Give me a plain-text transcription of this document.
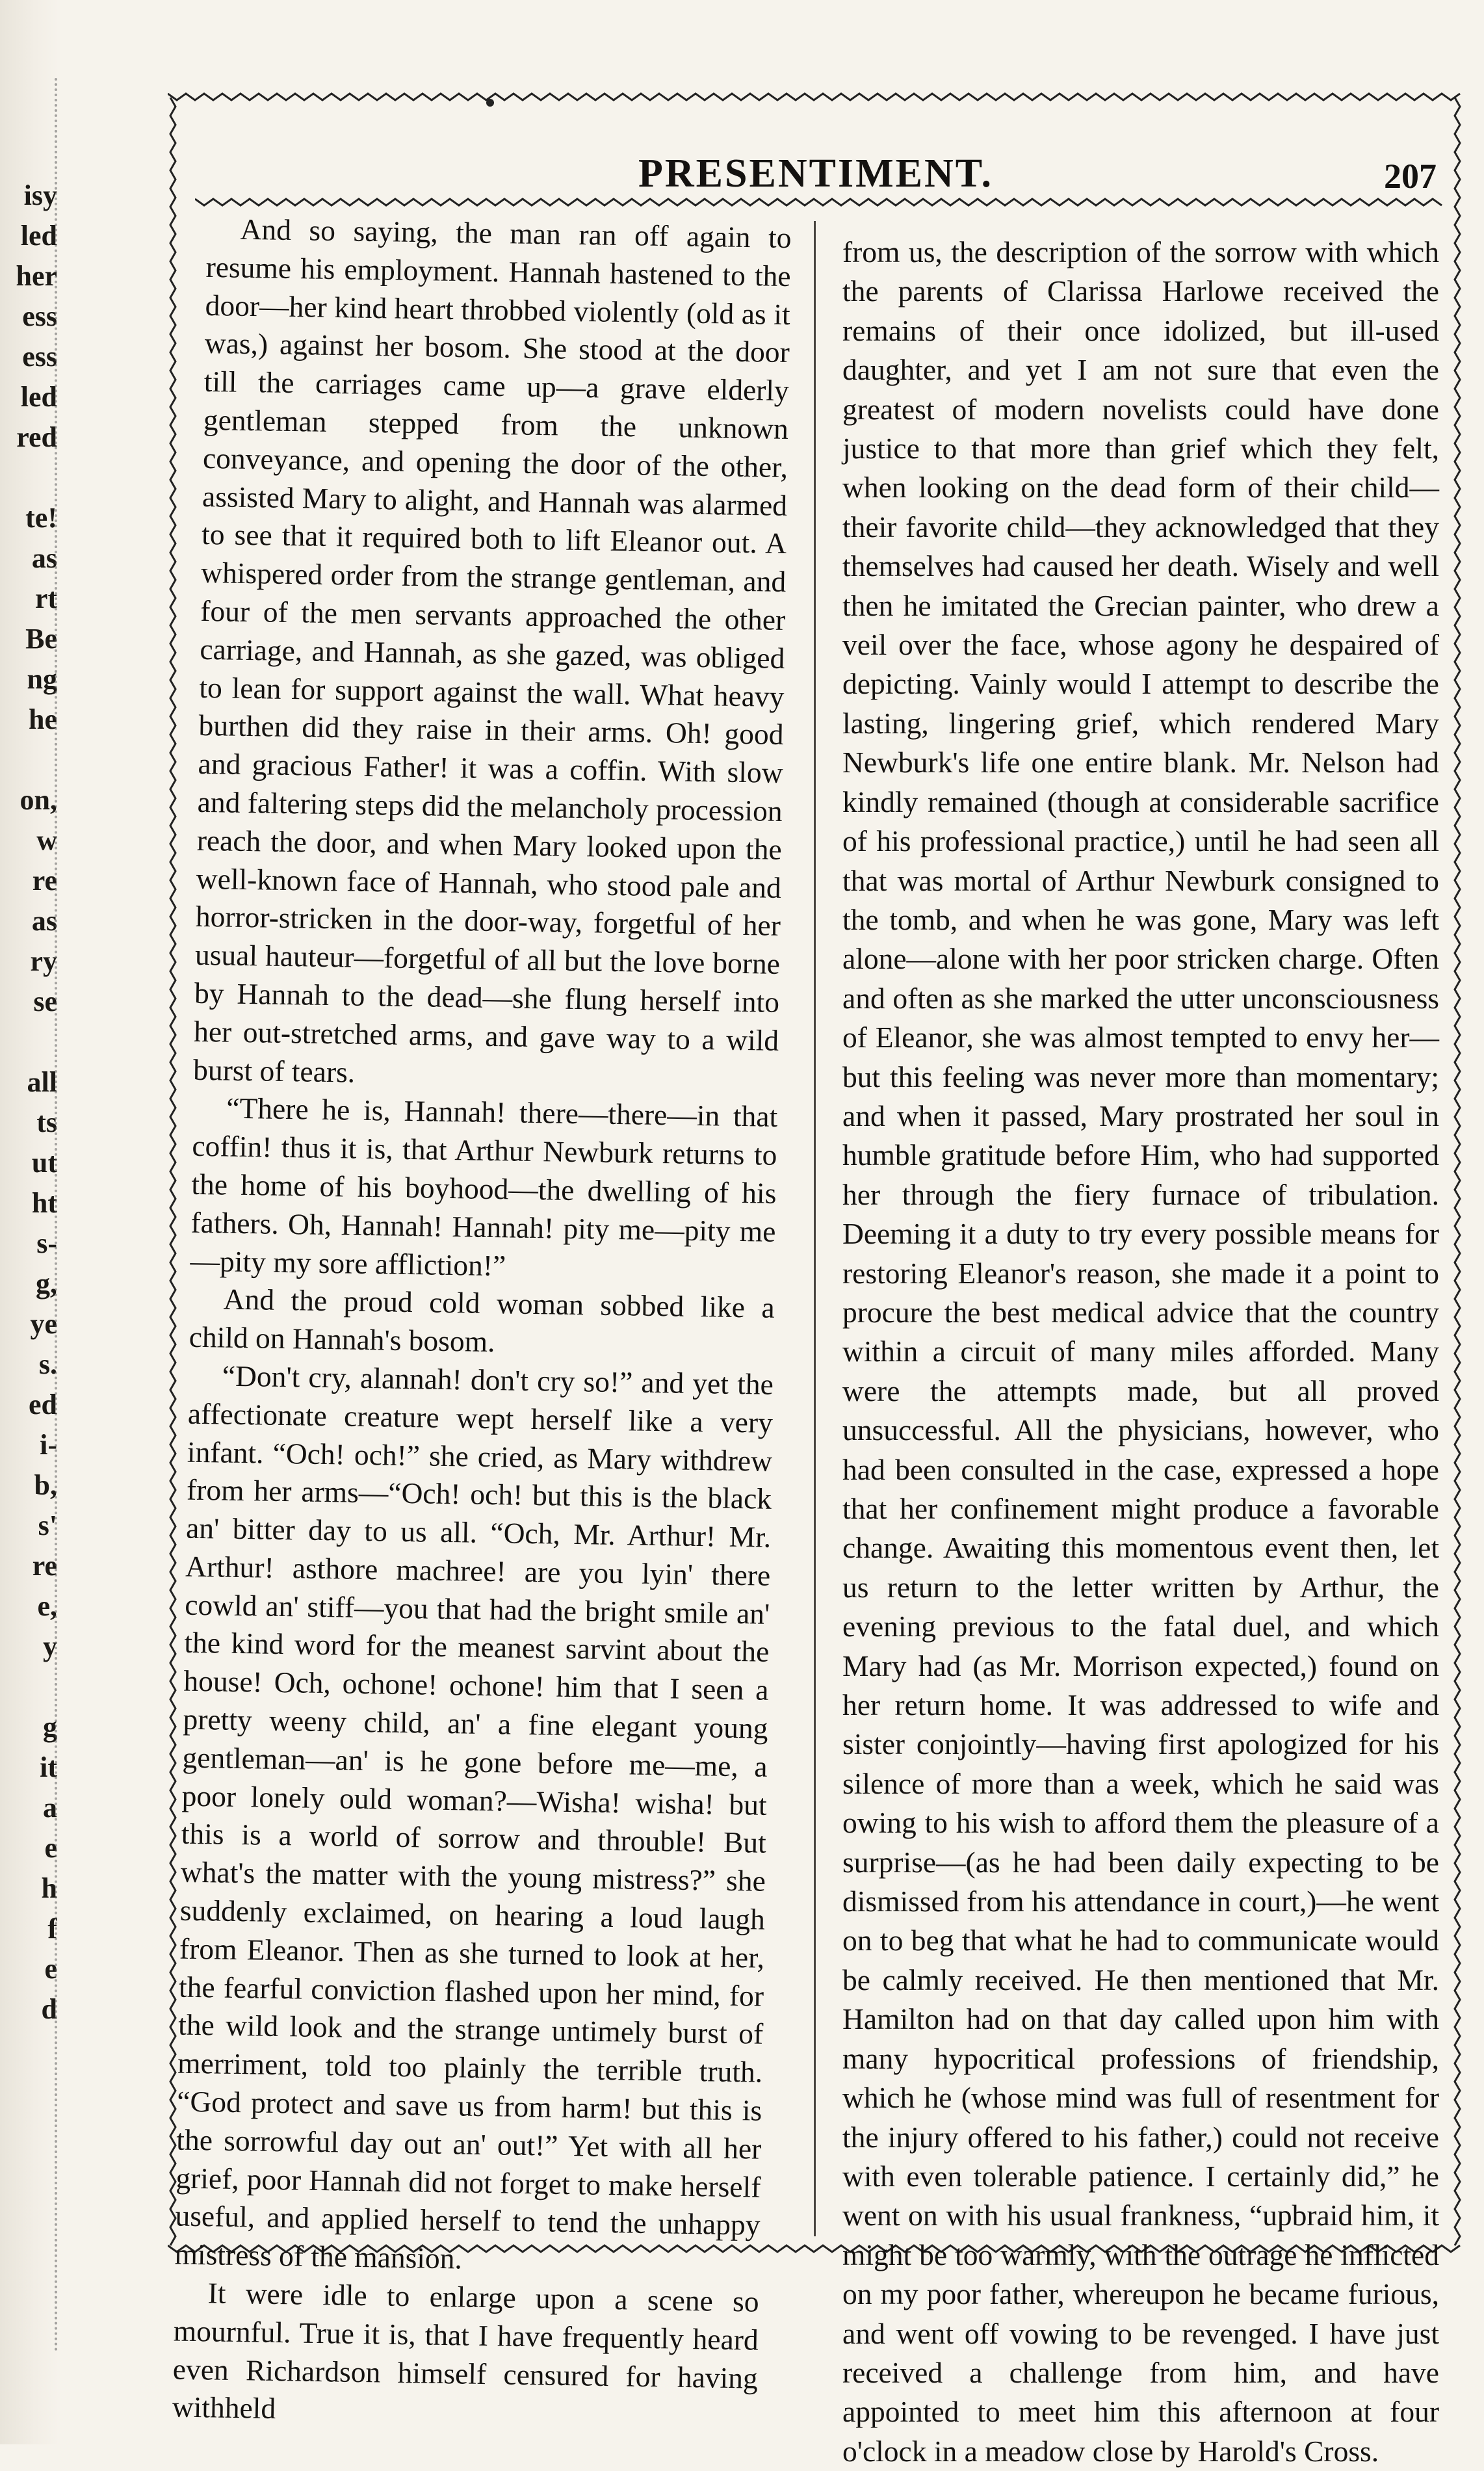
isy
led
her
ess
ess
led
red

te!
as
rt
Be
ng
he

on,
w
re
as
ry
se

all
ts
ut
ht
s-
g,
ye
s.
ed
i-
b,
s'
re
e,
y

g
it
a
e
h
f
e
d
PRESENTIMENT.	207

And so saying, the man ran off again to resume his employment. Hannah hastened to the door—her kind heart throbbed violently (old as it was,) against her bosom. She stood at the door till the carriages came up—a grave elderly gentleman stepped from the unknown conveyance, and opening the door of the other, assisted Mary to alight, and Hannah was alarmed to see that it required both to lift Eleanor out. A whispered order from the strange gentleman, and four of the men servants approached the other carriage, and Hannah, as she gazed, was obliged to lean for support against the wall. What heavy burthen did they raise in their arms. Oh! good and gracious Father! it was a coffin. With slow and faltering steps did the melancholy procession reach the door, and when Mary looked upon the well-known face of Hannah, who stood pale and horror-stricken in the door-way, forgetful of her usual hauteur—forgetful of all but the love borne by Hannah to the dead—she flung herself into her out-stretched arms, and gave way to a wild burst of tears.

“There he is, Hannah! there—there—in that coffin! thus it is, that Arthur Newburk returns to the home of his boyhood—the dwelling of his fathers. Oh, Hannah! Hannah! pity me—pity me—pity my sore affliction!”

And the proud cold woman sobbed like a child on Hannah's bosom.

“Don't cry, alannah! don't cry so!” and yet the affectionate creature wept herself like a very infant. “Och! och!” she cried, as Mary withdrew from her arms—“Och! och! but this is the black an' bitter day to us all. “Och, Mr. Arthur! Mr. Arthur! asthore machree! are you lyin' there cowld an' stiff—you that had the bright smile an' the kind word for the meanest sarvint about the house! Och, ochone! ochone! him that I seen a pretty weeny child, an' a fine elegant young gentleman—an' is he gone before me—me, a poor lonely ould woman?—Wisha! wisha! but this is a world of sorrow and throuble! But what's the matter with the young mistress?” she suddenly exclaimed, on hearing a loud laugh from Eleanor. Then as she turned to look at her, the fearful conviction flashed upon her mind, for the wild look and the strange untimely burst of merriment, told too plainly the terrible truth. “God protect and save us from harm! but this is the sorrowful day out an' out!” Yet with all her grief, poor Hannah did not forget to make herself useful, and applied herself to tend the unhappy mistress of the mansion.

It were idle to enlarge upon a scene so mournful. True it is, that I have frequently heard even Richardson himself censured for having withheld

from us, the description of the sorrow with which the parents of Clarissa Harlowe received the remains of their once idolized, but ill-used daughter, and yet I am not sure that even the greatest of modern novelists could have done justice to that more than grief which they felt, when looking on the dead form of their child—their favorite child—they acknowledged that they themselves had caused her death. Wisely and well then he imitated the Grecian painter, who drew a veil over the face, whose agony he despaired of depicting. Vainly would I attempt to describe the lasting, lingering grief, which rendered Mary Newburk's life one entire blank. Mr. Nelson had kindly remained (though at considerable sacrifice of his professional practice,) until he had seen all that was mortal of Arthur Newburk consigned to the tomb, and when he was gone, Mary was left alone—alone with her poor stricken charge. Often and often as she marked the utter unconsciousness of Eleanor, she was almost tempted to envy her—but this feeling was never more than momentary; and when it passed, Mary prostrated her soul in humble gratitude before Him, who had supported her through the fiery furnace of tribulation. Deeming it a duty to try every possible means for restoring Eleanor's reason, she made it a point to procure the best medical advice that the country within a circuit of many miles afforded. Many were the attempts made, but all proved unsuccessful. All the physicians, however, who had been consulted in the case, expressed a hope that her confinement might produce a favorable change. Awaiting this momentous event then, let us return to the letter written by Arthur, the evening previous to the fatal duel, and which Mary had (as Mr. Morrison expected,) found on her return home. It was addressed to wife and sister conjointly—having first apologized for his silence of more than a week, which he said was owing to his wish to afford them the pleasure of a surprise—(as he had been daily expecting to be dismissed from his attendance in court,)—he went on to beg that what he had to communicate would be calmly received. He then mentioned that Mr. Hamilton had on that day called upon him with many hypocritical professions of friendship, which he (whose mind was full of resentment for the injury offered to his father,) could not receive with even tolerable patience. I certainly did,” he went on with his usual frankness, “upbraid him, it might be too warmly, with the outrage he inflicted on my poor father, whereupon he became furious, and went off vowing to be revenged. I have just received a challenge from him, and have appointed to meet him this afternoon at four o'clock in a meadow close by Harold's Cross.
